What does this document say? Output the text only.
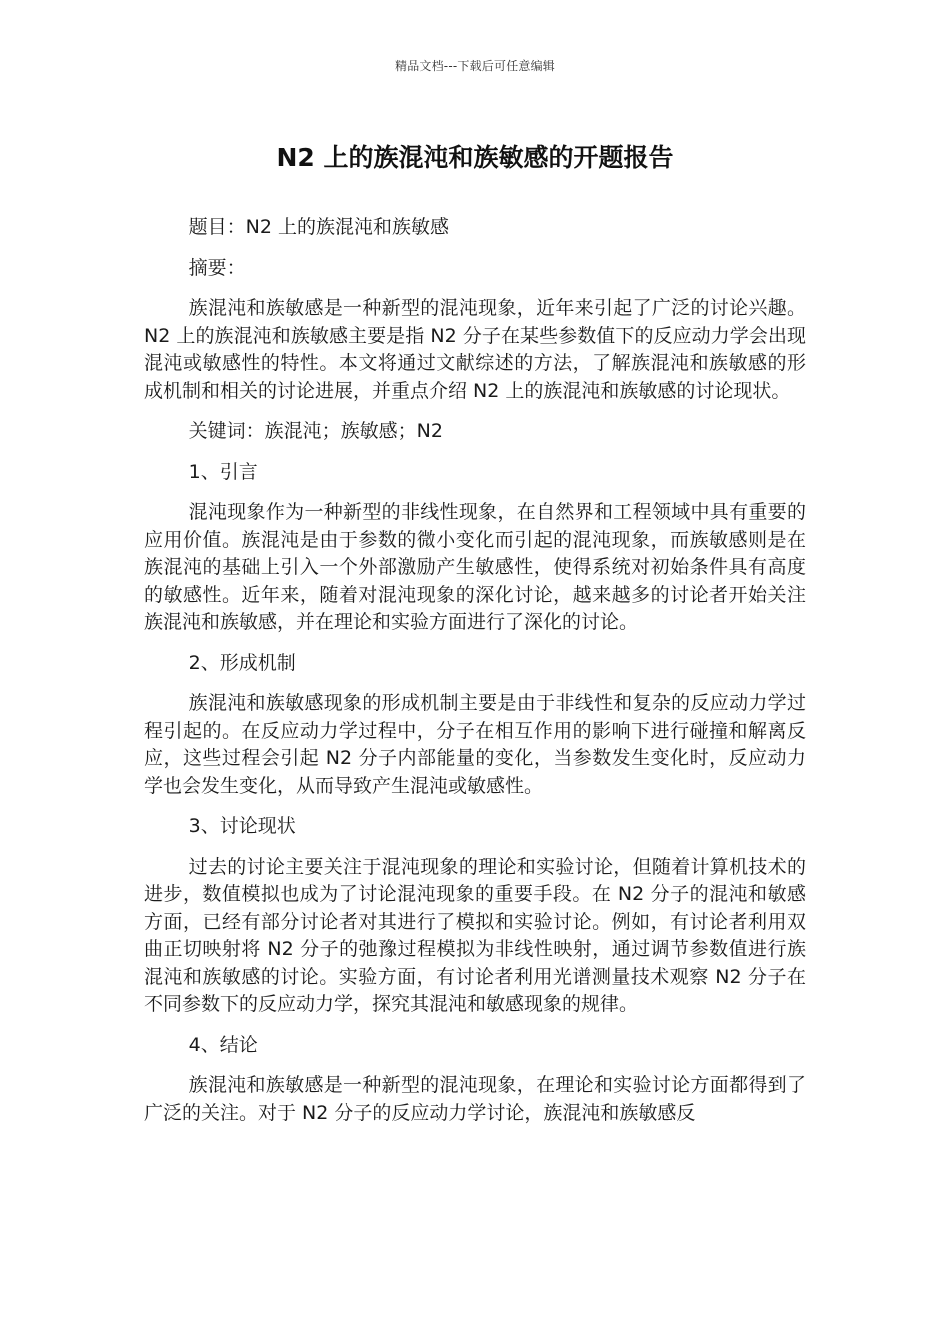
精品文档---下载后可任意编辑
N2 上的族混沌和族敏感的开题报告

题目：N2 上的族混沌和族敏感

摘要：

族混沌和族敏感是一种新型的混沌现象，近年来引起了广泛的讨论兴趣。N2 上的族混沌和族敏感主要是指 N2 分子在某些参数值下的反应动力学会出现混沌或敏感性的特性。本文将通过文献综述的方法，了解族混沌和族敏感的形成机制和相关的讨论进展，并重点介绍 N2 上的族混沌和族敏感的讨论现状。

关键词：族混沌；族敏感；N2

1、引言

混沌现象作为一种新型的非线性现象，在自然界和工程领域中具有重要的应用价值。族混沌是由于参数的微小变化而引起的混沌现象，而族敏感则是在族混沌的基础上引入一个外部激励产生敏感性，使得系统对初始条件具有高度的敏感性。近年来，随着对混沌现象的深化讨论，越来越多的讨论者开始关注族混沌和族敏感，并在理论和实验方面进行了深化的讨论。

2、形成机制

族混沌和族敏感现象的形成机制主要是由于非线性和复杂的反应动力学过程引起的。在反应动力学过程中，分子在相互作用的影响下进行碰撞和解离反应，这些过程会引起 N2 分子内部能量的变化，当参数发生变化时，反应动力学也会发生变化，从而导致产生混沌或敏感性。

3、讨论现状

过去的讨论主要关注于混沌现象的理论和实验讨论，但随着计算机技术的进步，数值模拟也成为了讨论混沌现象的重要手段。在 N2 分子的混沌和敏感方面，已经有部分讨论者对其进行了模拟和实验讨论。例如，有讨论者利用双曲正切映射将 N2 分子的弛豫过程模拟为非线性映射，通过调节参数值进行族混沌和族敏感的讨论。实验方面，有讨论者利用光谱测量技术观察 N2 分子在不同参数下的反应动力学，探究其混沌和敏感现象的规律。

4、结论

族混沌和族敏感是一种新型的混沌现象，在理论和实验讨论方面都得到了广泛的关注。对于 N2 分子的反应动力学讨论，族混沌和族敏感反
